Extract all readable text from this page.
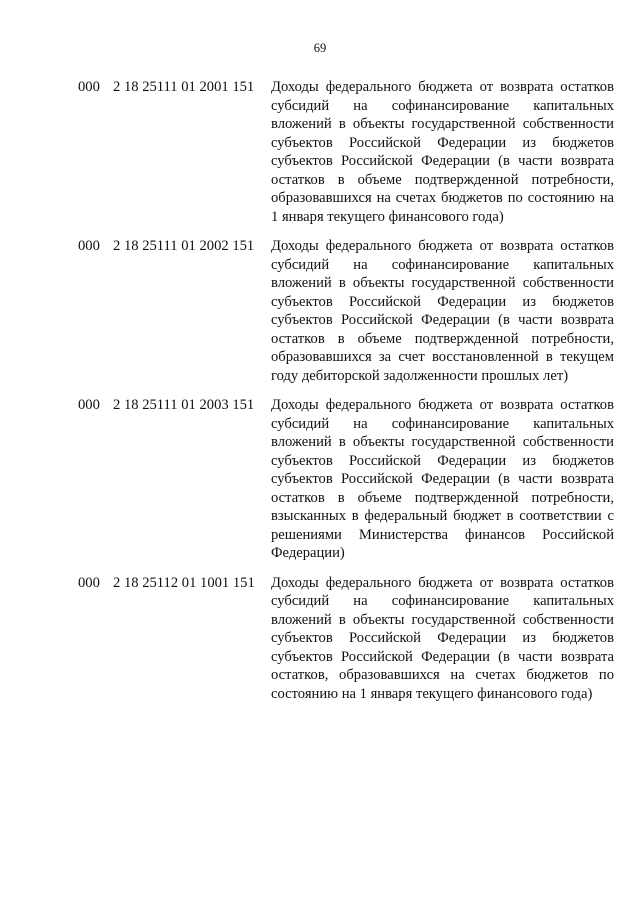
69
000 2 18 25111 01 2001 151	Доходы федерального бюджета от возврата остатков субсидий на софинансирование капитальных вложений в объекты государственной собственности субъектов Российской Федерации из бюджетов субъектов Российской Федерации (в части возврата остатков в объеме подтвержденной потребности, образовавшихся на счетах бюджетов по состоянию на 1 января текущего финансового года)
000 2 18 25111 01 2002 151	Доходы федерального бюджета от возврата остатков субсидий на софинансирование капитальных вложений в объекты государственной собственности субъектов Российской Федерации из бюджетов субъектов Российской Федерации (в части возврата остатков в объеме подтвержденной потребности, образовавшихся за счет восстановленной в текущем году дебиторской задолженности прошлых лет)
000 2 18 25111 01 2003 151	Доходы федерального бюджета от возврата остатков субсидий на софинансирование капитальных вложений в объекты государственной собственности субъектов Российской Федерации из бюджетов субъектов Российской Федерации (в части возврата остатков в объеме подтвержденной потребности, взысканных в федеральный бюджет в соответствии с решениями Министерства финансов Российской Федерации)
000 2 18 25112 01 1001 151	Доходы федерального бюджета от возврата остатков субсидий на софинансирование капитальных вложений в объекты государственной собственности субъектов Российской Федерации из бюджетов субъектов Российской Федерации (в части возврата остатков, образовавшихся на счетах бюджетов по состоянию на 1 января текущего финансового года)
